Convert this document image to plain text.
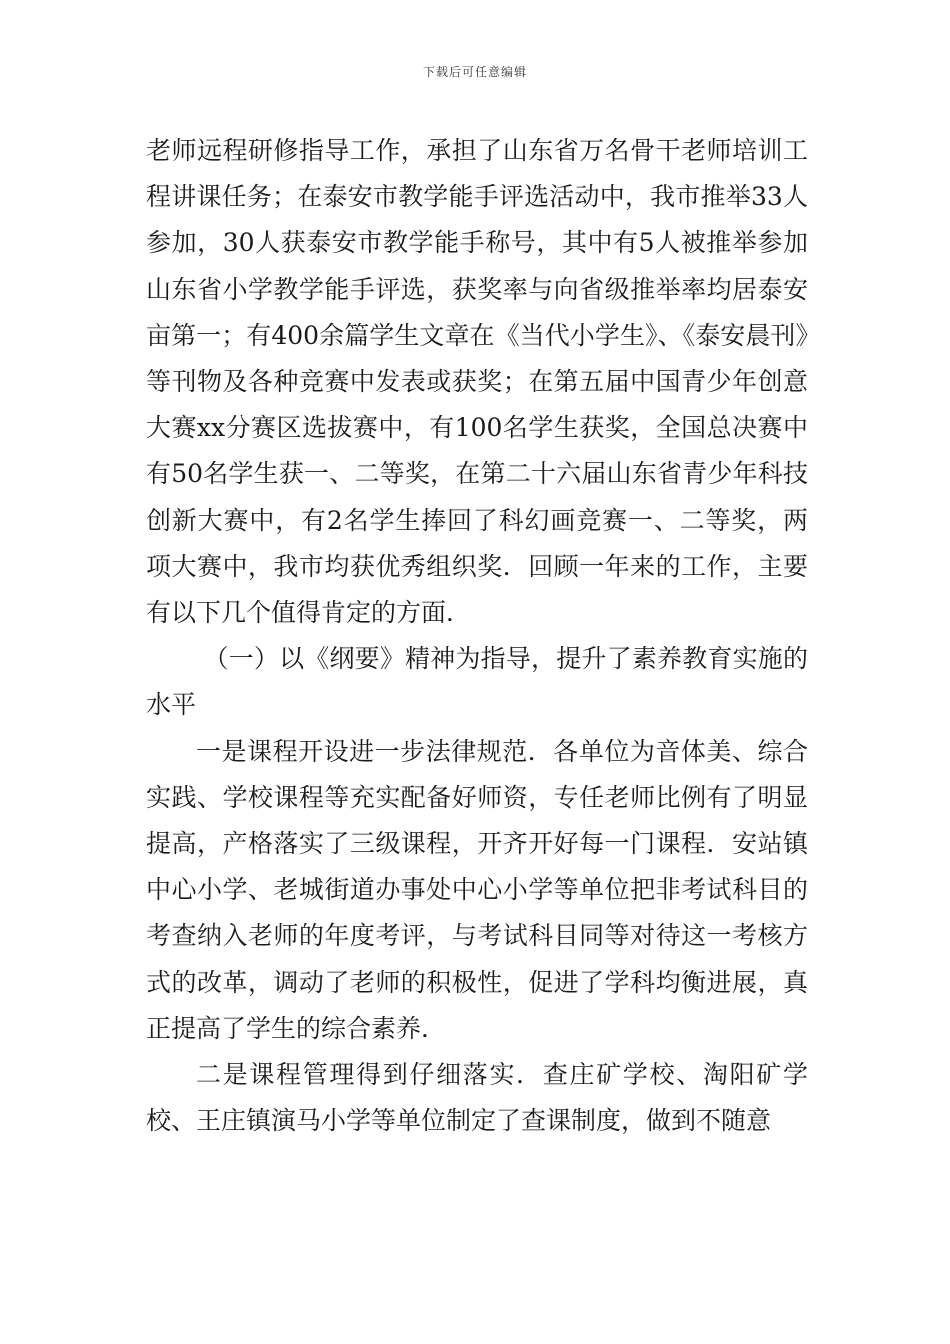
下载后可任意编辑

老师远程研修指导工作，承担了山东省万名骨干老师培训工程讲课任务；在泰安市教学能手评选活动中，我市推举33人参加，30人获泰安市教学能手称号，其中有5人被推举参加山东省小学教学能手评选，获奖率与向省级推举率均居泰安亩第一；有400余篇学生文章在《当代小学生》、《泰安晨刊》等刊物及各种竞赛中发表或获奖；在第五届中国青少年创意大赛xx分赛区选拔赛中，有100名学生获奖，全国总决赛中有50名学生获一、二等奖，在第二十六届山东省青少年科技创新大赛中，有2名学生捧回了科幻画竞赛一、二等奖，两项大赛中，我市均获优秀组织奖．回顾一年来的工作，主要有以下几个值得肯定的方面．

（一）以《纲要》精神为指导，提升了素养教育实施的水平

一是课程开设进一步法律规范．各单位为音体美、综合实践、学校课程等充实配备好师资，专任老师比例有了明显提高，产格落实了三级课程，开齐开好每一门课程．安站镇中心小学、老城街道办事处中心小学等单位把非考试科目的考查纳入老师的年度考评，与考试科目同等对待这一考核方式的改革，调动了老师的积极性，促进了学科均衡进展，真正提高了学生的综合素养．

二是课程管理得到仔细落实．查庄矿学校、淘阳矿学校、王庄镇演马小学等单位制定了查课制度，做到不随意
